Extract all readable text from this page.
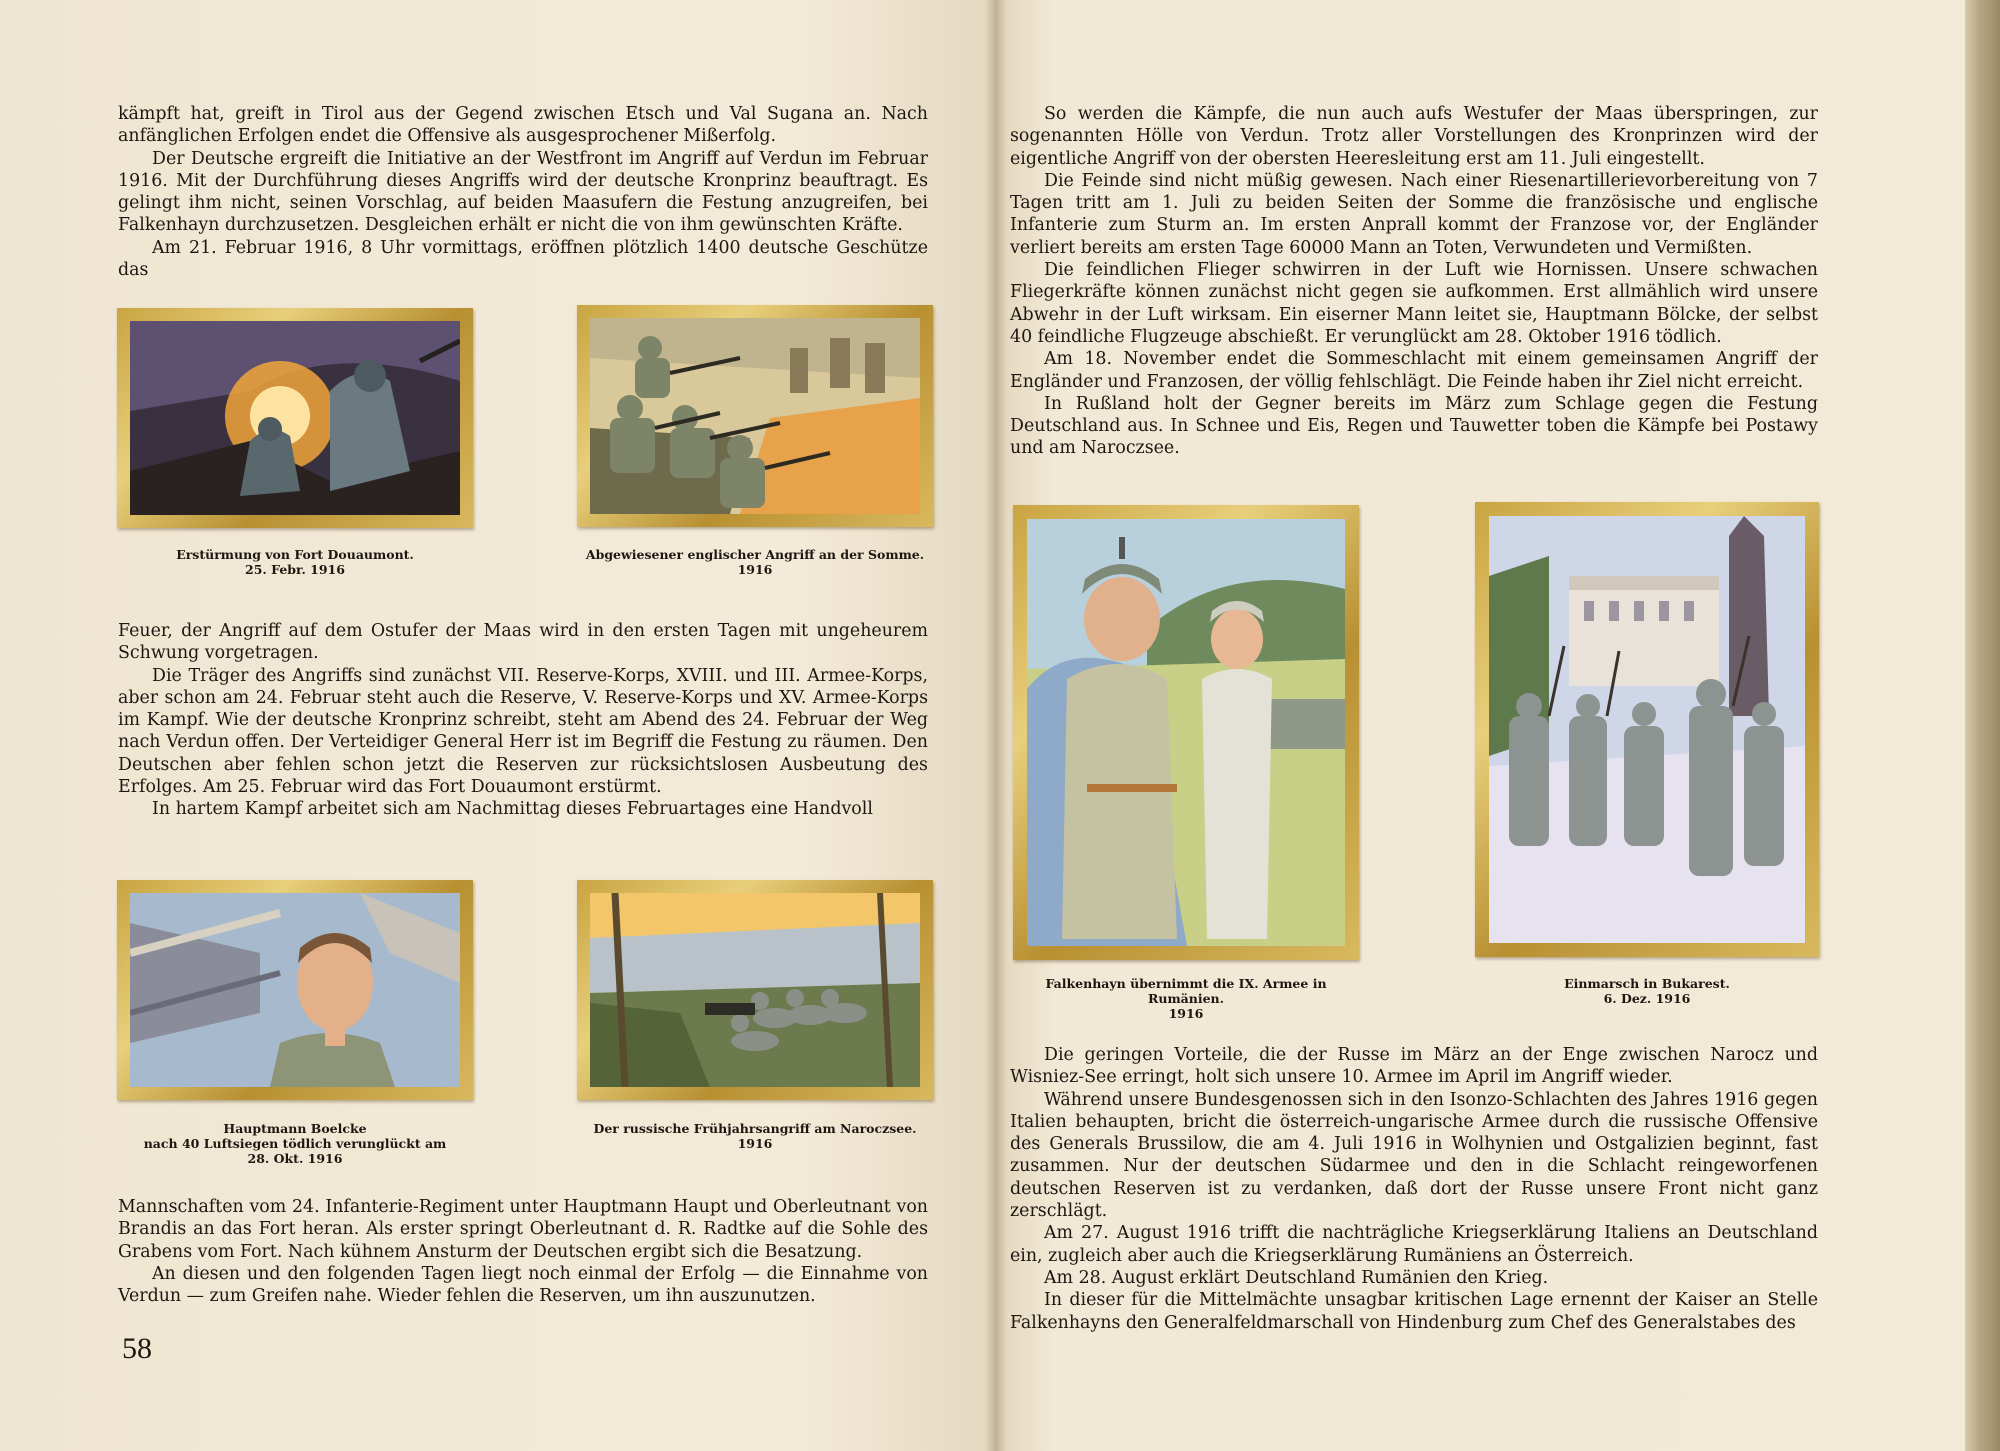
kämpft hat, greift in Tirol aus der Gegend zwischen Etsch und Val Sugana an. Nach anfänglichen Erfolgen endet die Offensive als ausgesprochener Mißerfolg.

Der Deutsche ergreift die Initiative an der Westfront im Angriff auf Verdun im Februar 1916. Mit der Durchführung dieses Angriffs wird der deutsche Kronprinz beauftragt. Es gelingt ihm nicht, seinen Vorschlag, auf beiden Maasufern die Festung anzugreifen, bei Falkenhayn durchzusetzen. Desgleichen erhält er nicht die von ihm gewünschten Kräfte.

Am 21. Februar 1916, 8 Uhr vormittags, eröffnen plötzlich 1400 deutsche Geschütze das

Erstürmung von Fort Douaumont.
25. Febr. 1916
Abgewiesener englischer Angriff an der Somme.
1916

Feuer, der Angriff auf dem Ostufer der Maas wird in den ersten Tagen mit ungeheurem Schwung vorgetragen.

Die Träger des Angriffs sind zunächst VII. Reserve-Korps, XVIII. und III. Armee-Korps, aber schon am 24. Februar steht auch die Reserve, V. Reserve-Korps und XV. Armee-Korps im Kampf. Wie der deutsche Kronprinz schreibt, steht am Abend des 24. Februar der Weg nach Verdun offen. Der Verteidiger General Herr ist im Begriff die Festung zu räumen. Den Deutschen aber fehlen schon jetzt die Reserven zur rücksichtslosen Ausbeutung des Erfolges. Am 25. Februar wird das Fort Douaumont erstürmt.

In hartem Kampf arbeitet sich am Nachmittag dieses Februartages eine Handvoll

Hauptmann Boelcke
nach 40 Luftsiegen tödlich verunglückt am
28. Okt. 1916
Der russische Frühjahrsangriff am Naroczsee.
1916

Mannschaften vom 24. Infanterie-Regiment unter Hauptmann Haupt und Oberleutnant von Brandis an das Fort heran. Als erster springt Oberleutnant d. R. Radtke auf die Sohle des Grabens vom Fort. Nach kühnem Ansturm der Deutschen ergibt sich die Besatzung.

An diesen und den folgenden Tagen liegt noch einmal der Erfolg — die Einnahme von Verdun — zum Greifen nahe. Wieder fehlen die Reserven, um ihn auszunutzen.

58

So werden die Kämpfe, die nun auch aufs Westufer der Maas überspringen, zur sogenannten Hölle von Verdun. Trotz aller Vorstellungen des Kronprinzen wird der eigentliche Angriff von der obersten Heeresleitung erst am 11. Juli eingestellt.

Die Feinde sind nicht müßig gewesen. Nach einer Riesenartillerievorbereitung von 7 Tagen tritt am 1. Juli zu beiden Seiten der Somme die französische und englische Infanterie zum Sturm an. Im ersten Anprall kommt der Franzose vor, der Engländer verliert bereits am ersten Tage 60000 Mann an Toten, Verwundeten und Vermißten.

Die feindlichen Flieger schwirren in der Luft wie Hornissen. Unsere schwachen Fliegerkräfte können zunächst nicht gegen sie aufkommen. Erst allmählich wird unsere Abwehr in der Luft wirksam. Ein eiserner Mann leitet sie, Hauptmann Bölcke, der selbst 40 feindliche Flugzeuge abschießt. Er verunglückt am 28. Oktober 1916 tödlich.

Am 18. November endet die Sommeschlacht mit einem gemeinsamen Angriff der Engländer und Franzosen, der völlig fehlschlägt. Die Feinde haben ihr Ziel nicht erreicht.

In Rußland holt der Gegner bereits im März zum Schlage gegen die Festung Deutschland aus. In Schnee und Eis, Regen und Tauwetter toben die Kämpfe bei Postawy und am Naroczsee.

Falkenhayn übernimmt die IX. Armee in Rumänien.
1916
Einmarsch in Bukarest.
6. Dez. 1916

Die geringen Vorteile, die der Russe im März an der Enge zwischen Narocz und Wisniez-See erringt, holt sich unsere 10. Armee im April im Angriff wieder.

Während unsere Bundesgenossen sich in den Isonzo-Schlachten des Jahres 1916 gegen Italien behaupten, bricht die österreich-ungarische Armee durch die russische Offensive des Generals Brussilow, die am 4. Juli 1916 in Wolhynien und Ostgalizien beginnt, fast zusammen. Nur der deutschen Südarmee und den in die Schlacht reingeworfenen deutschen Reserven ist zu verdanken, daß dort der Russe unsere Front nicht ganz zerschlägt.

Am 27. August 1916 trifft die nachträgliche Kriegserklärung Italiens an Deutschland ein, zugleich aber auch die Kriegserklärung Rumäniens an Österreich.

Am 28. August erklärt Deutschland Rumänien den Krieg.

In dieser für die Mittelmächte unsagbar kritischen Lage ernennt der Kaiser an Stelle Falkenhayns den Generalfeldmarschall von Hindenburg zum Chef des Generalstabes des
